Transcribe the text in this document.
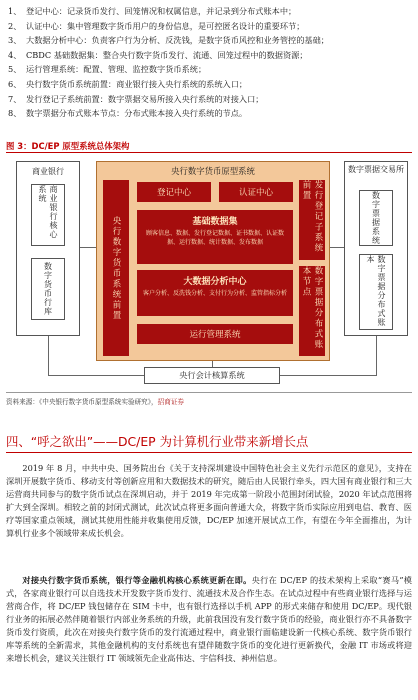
1、 登记中心：记录货币发行、回笼情况和权属信息，并记录到分布式账本中；
2、 认证中心：集中管理数字货币用户的身份信息，是可控匿名设计的重要环节；
3、 大数据分析中心：负责客户行为分析、反洗钱，是数字货币风控和业务管控的基础；
4、 CBDC 基础数据集：整合央行数字货币发行、流通、回笼过程中的数据资源；
5、 运行管理系统：配置、管理、监控数字货币系统；
6、 央行数字货币系统前置：商业银行接入央行系统的系统入口；
7、 发行登记子系统前置：数字票据交易所接入央行系统的对接入口；
8、 数字票据分布式账本节点：分布式账本接入央行系统的节点。
图 3：DC/EP 原型系统总体架构
商业银行
商业银行核心系统
数字货币行库
央行数字货币原型系统
央行数字货币系统前置
登记中心	认证中心
基础数据集
顾客信息、数据、发行登记数据、证书数据、认证数据、运行数据、统计数据、发布数据
大数据分析中心
客户分析、反洗钱分析、支付行为分析、监管指标分析
运行管理系统
发行登记子系统前置
数字票据分布式账本节点
数字票据交易所
数字票据系统
数字票据分布式账本
央行会计核算系统
资料来源：《中央银行数字货币原型系统实验研究》，招商证券
四、“呼之欲出”——DC/EP 为计算机行业带来新增长点
2019 年 8 月，中共中央、国务院出台《关于支持深圳建设中国特色社会主义先行示范区的意见》，支持在深圳开展数字货币、移动支付等创新应用和大数据技术的研究，随后由人民银行牵头，四大国有商业银行和三大运营商共同参与的数字货币试点在深圳启动，并于 2019 年完成第一阶段小范围封闭试验，2020 年试点范围将扩大到全深圳。相较之前的封闭式测试，此次试点将更多面向普通大众，将数字货币实际应用到电信、教育、医疗等国家重点领域，测试其使用性能并收集使用反馈，DC/EP 加速开展试点工作，有望在今年全面推出，为计算机行业多个领域带来成长机会。
对接央行数字货币系统，银行等金融机构核心系统更新在即。央行在 DC/EP 的技术架构上采取“赛马”模式，各家商业银行可以自选技术开发数字货币发行、流通技术及合作生态。在试点过程中有些商业银行选择与运营商合作，将 DC/EP 钱包储存在 SIM 卡中，也有银行选择以手机 APP 的形式来储存和使用 DC/EP。现代银行业务的拓展必然伴随着银行内部业务系统的升级，此前我国没有发行数字货币的经验，商业银行亦不具备数字货币发行资质，此次在对接央行数字货币的发行流通过程中，商业银行面临建设新一代核心系统、数字货币银行库等系统的全新需求，其他金融机构的支付系统也有望伴随数字货币的变化进行更新换代，金融 IT 市场或将迎来增长机会，建议关注银行 IT 领域领先企业高伟达、宇信科技、神州信息。
